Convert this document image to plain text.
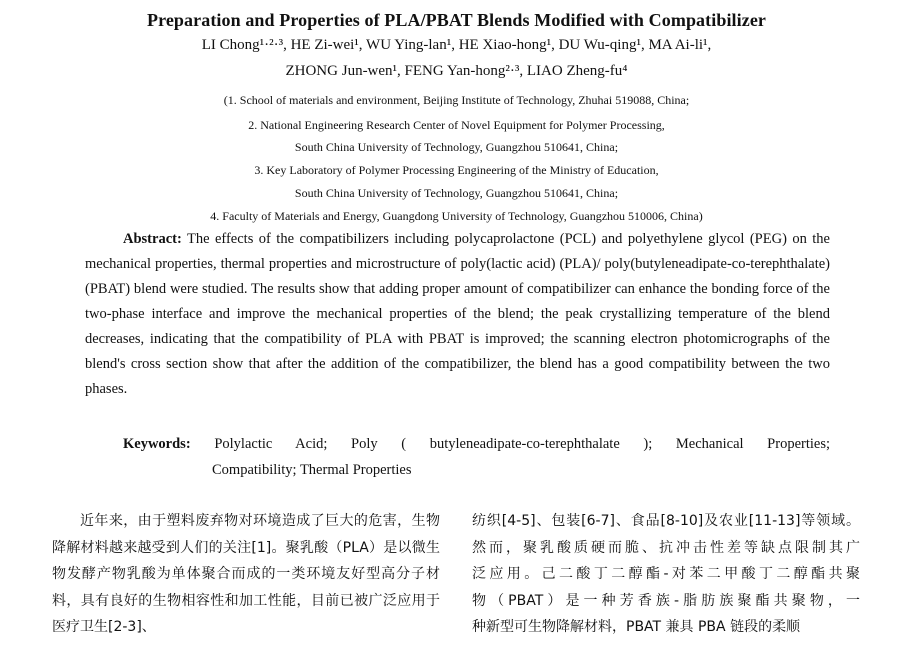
Preparation and Properties of PLA/PBAT Blends Modified with Compatibilizer
LI Chong¹·²·³, HE Zi-wei¹, WU Ying-lan¹, HE Xiao-hong¹, DU Wu-qing¹, MA Ai-li¹,
ZHONG Jun-wen¹, FENG Yan-hong²·³, LIAO Zheng-fu⁴
(1. School of materials and environment, Beijing Institute of Technology, Zhuhai 519088, China;
2. National Engineering Research Center of Novel Equipment for Polymer Processing,
South China University of Technology, Guangzhou 510641, China;
3. Key Laboratory of Polymer Processing Engineering of the Ministry of Education,
South China University of Technology, Guangzhou 510641, China;
4. Faculty of Materials and Energy, Guangdong University of Technology, Guangzhou 510006, China)
Abstract: The effects of the compatibilizers including polycaprolactone (PCL) and polyethylene glycol (PEG) on the mechanical properties, thermal properties and microstructure of poly(lactic acid) (PLA)/ poly(butyleneadipate-co-terephthalate) (PBAT) blend were studied. The results show that adding proper amount of compatibilizer can enhance the bonding force of the two-phase interface and improve the mechanical properties of the blend; the peak crystallizing temperature of the blend decreases, indicating that the compatibility of PLA with PBAT is improved; the scanning electron photomicrographs of the blend's cross section show that after the addition of the compatibilizer, the blend has a good compatibility between the two phases.
Keywords: Polylactic Acid; Poly ( butyleneadipate-co-terephthalate ); Mechanical Properties;
Compatibility; Thermal Properties
近年来，由于塑料废弃物对环境造成了巨大的危害，生物降解材料越来越受到人们的关注[1]。聚乳酸（PLA）是以微生物发酵产物乳酸为单体聚合而成的一类环境友好型高分子材料，具有良好的生物相容性和加工性能，目前已被广泛应用于医疗卫生[2-3]、
纺织[4-5]、包装[6-7]、食品[8-10]及农业[11-13]等领域。
然而，聚乳酸质硬而脆、抗冲击性差等缺点限制其广
泛应用。己二酸丁二醇酯-对苯二甲酸丁二醇酯共聚
物（PBAT）是一种芳香族-脂肪族聚酯共聚物，一
种新型可生物降解材料，PBAT 兼具 PBA 链段的柔顺
